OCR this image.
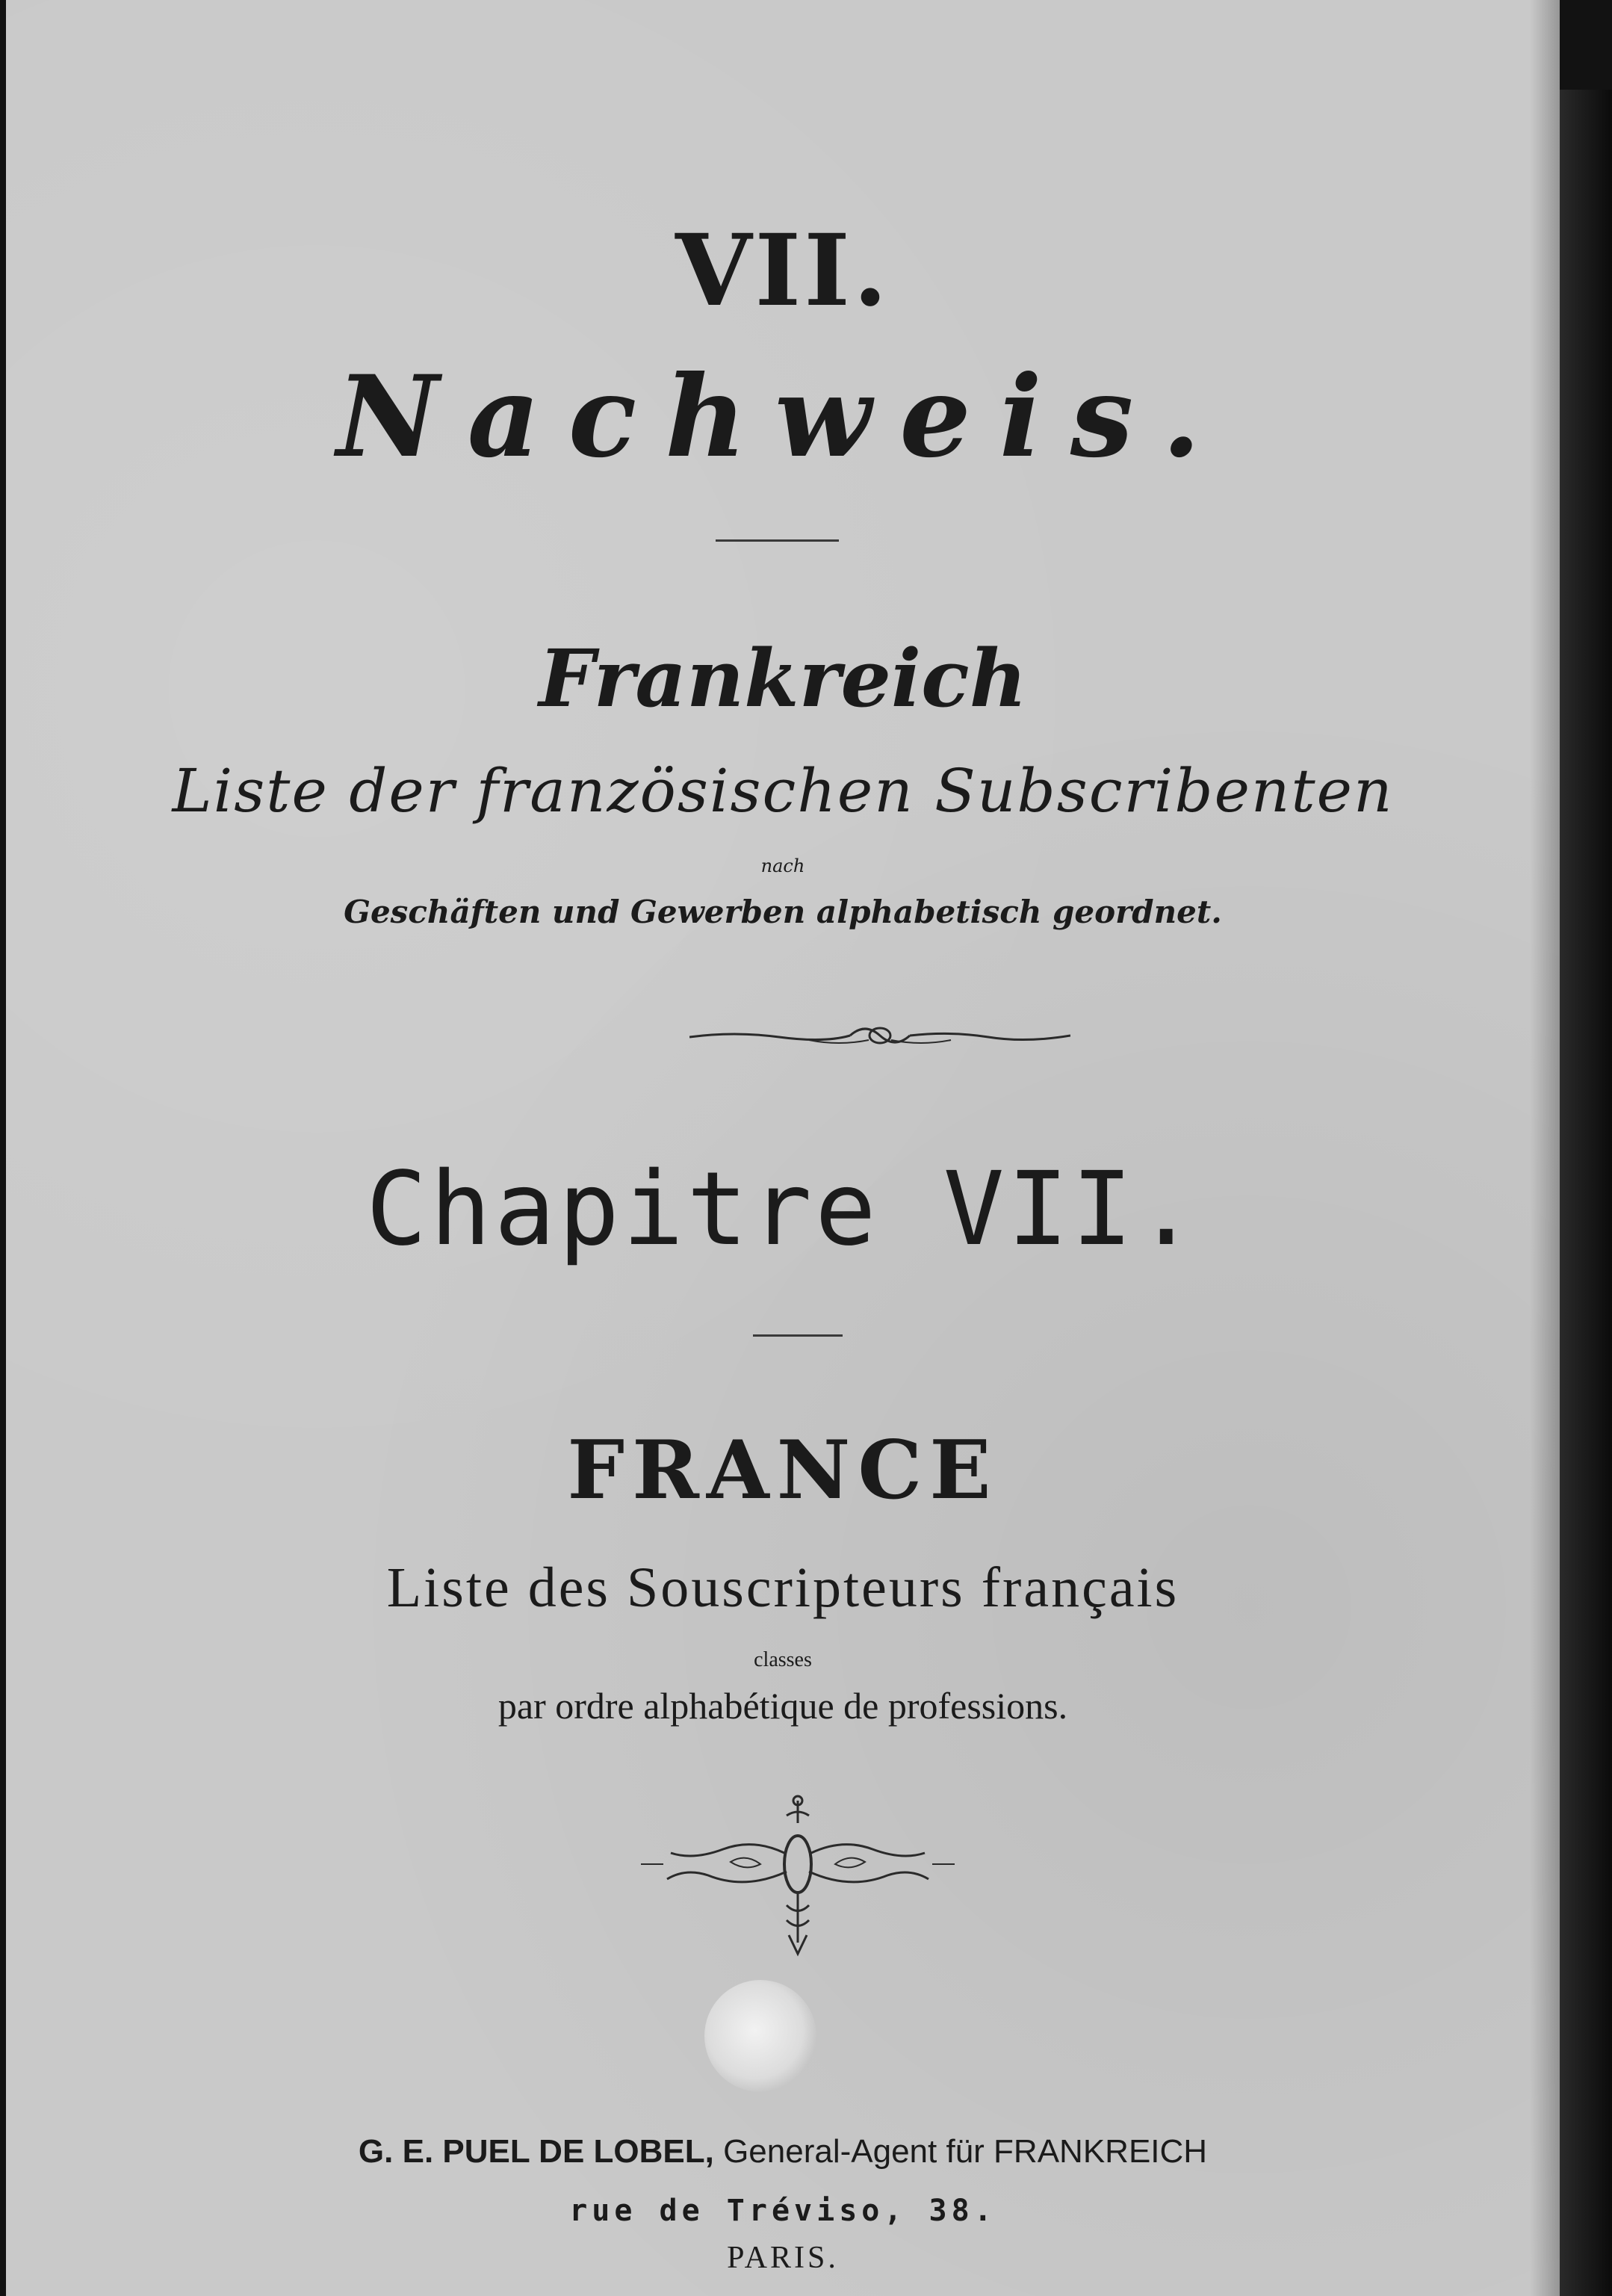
VII.
Nachweis.
Frankreich
Liste der französischen Subscribenten
nach
Geschäften und Gewerben alphabetisch geordnet.
Chapitre VII.
FRANCE
Liste des Souscripteurs français
classes
par ordre alphabétique de professions.
G. E. PUEL DE LOBEL, General-Agent für FRANKREICH
rue de Tréviso, 38.
PARIS.
